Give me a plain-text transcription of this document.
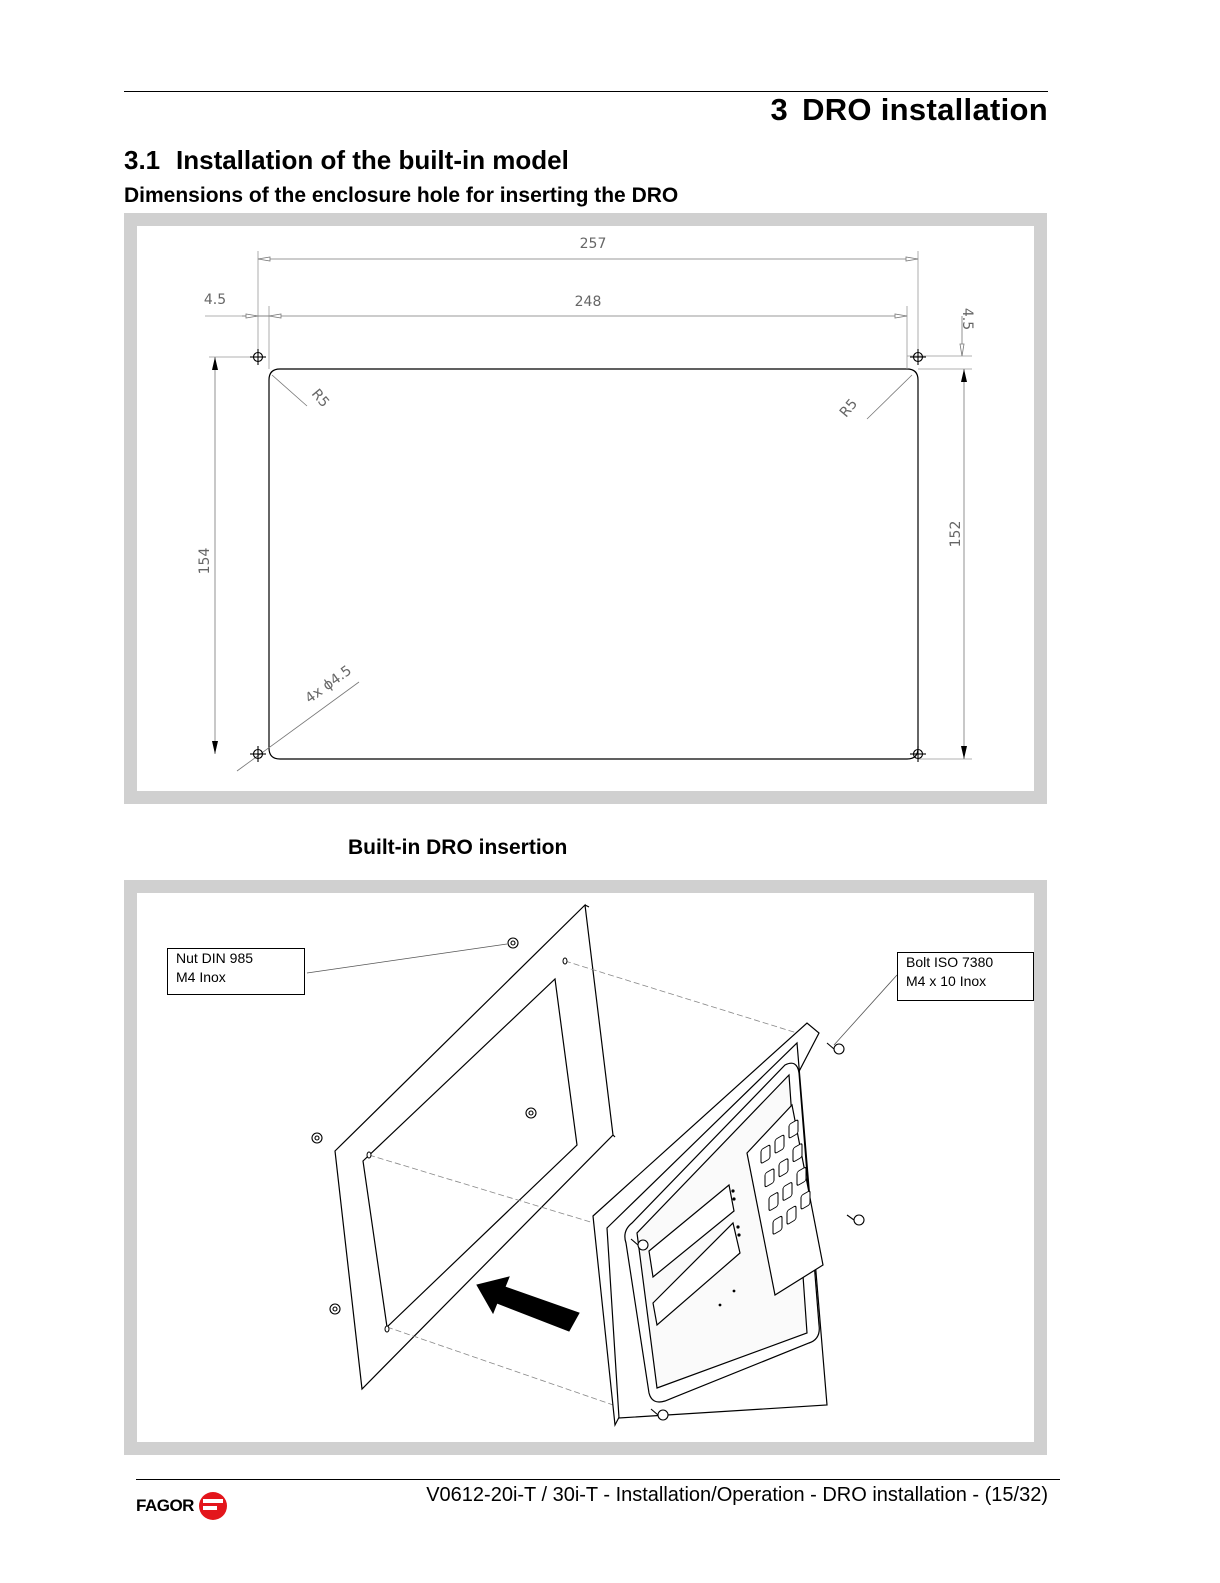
3 DRO installation
3.1 Installation of the built-in model
Dimensions of the enclosure hole for inserting the DRO
257
248
4.5
4.5
R5	R5
154
152
4x ϕ4.5
Built-in DRO insertion
Nut DIN 985
M4 Inox
Bolt ISO 7380
M4 x 10 Inox
FAGOR	V0612-20i-T / 30i-T - Installation/Operation - DRO installation - (15/32)
